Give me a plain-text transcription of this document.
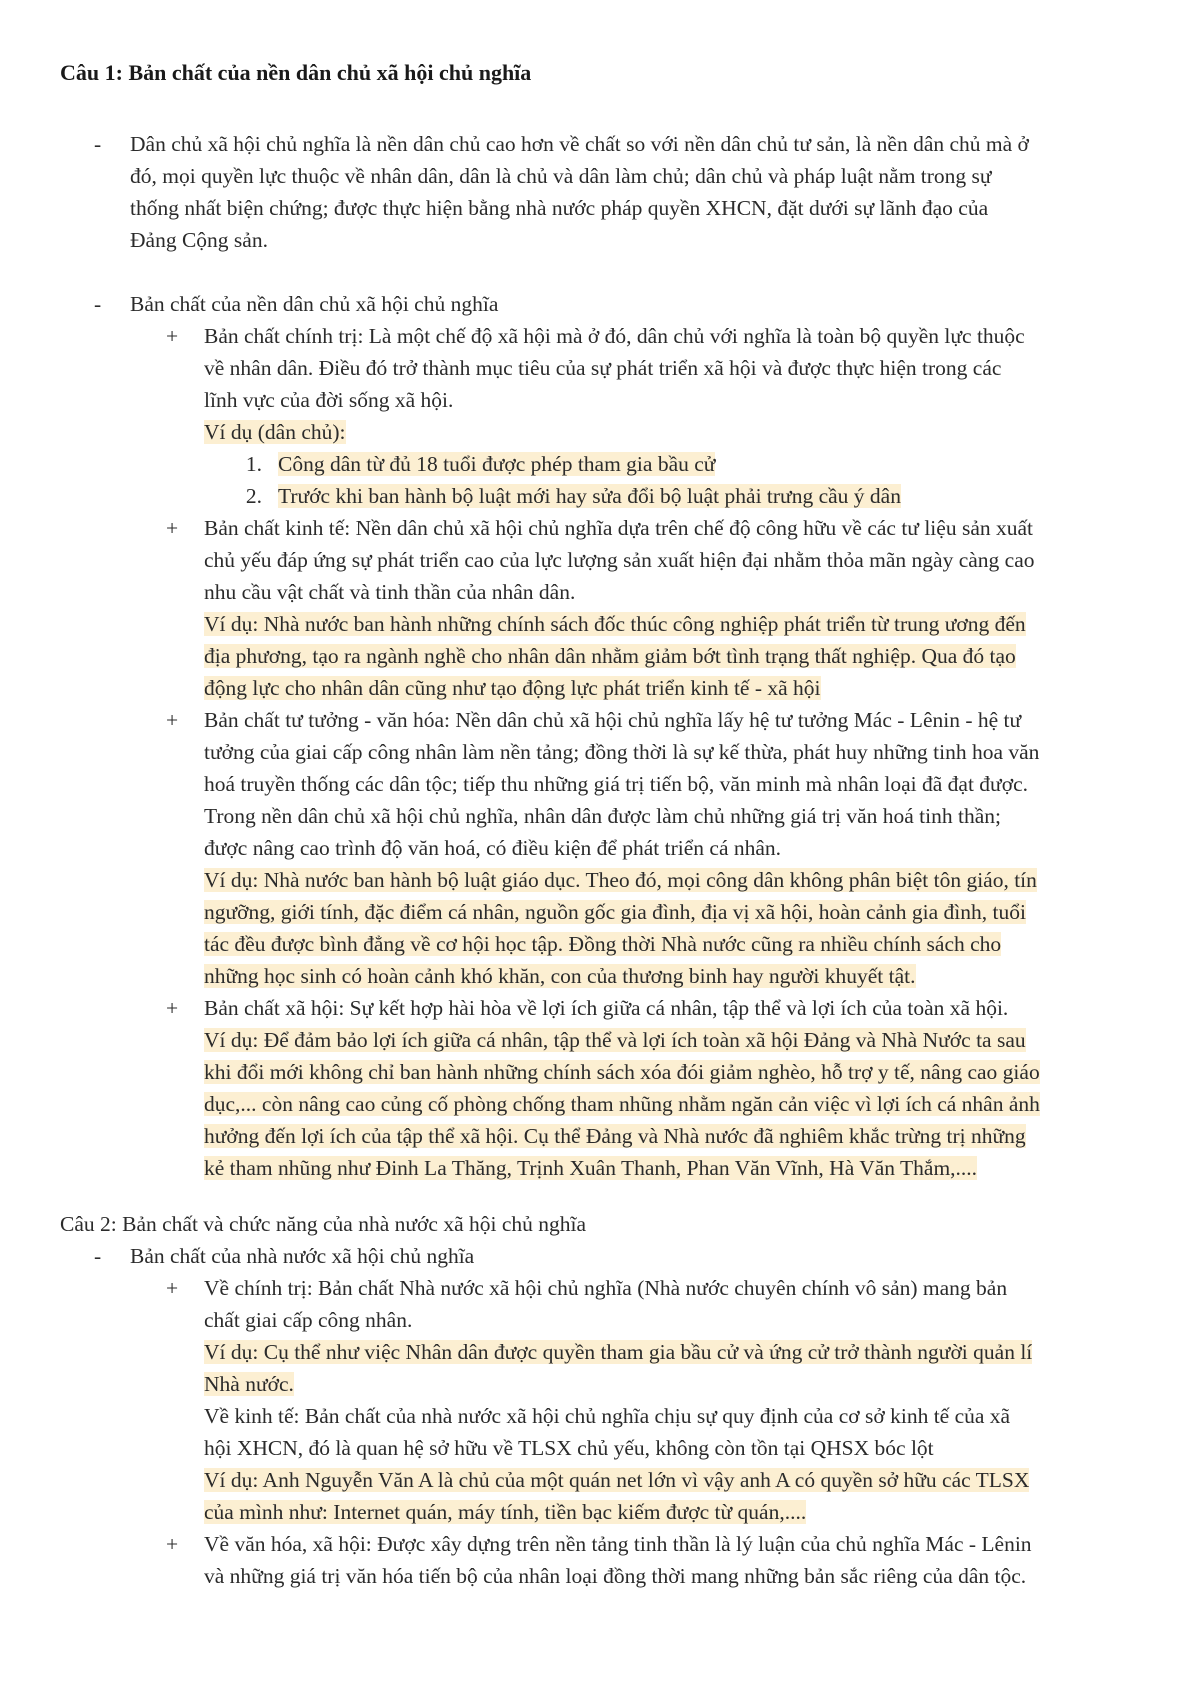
Câu 1: Bản chất của nền dân chủ xã hội chủ nghĩa
-	Dân chủ xã hội chủ nghĩa là nền dân chủ cao hơn về chất so với nền dân chủ tư sản, là nền dân chủ mà ở
đó, mọi quyền lực thuộc về nhân dân, dân là chủ và dân làm chủ; dân chủ và pháp luật nằm trong sự
thống nhất biện chứng; được thực hiện bằng nhà nước pháp quyền XHCN, đặt dưới sự lãnh đạo của
Đảng Cộng sản.
-	Bản chất của nền dân chủ xã hội chủ nghĩa
+	Bản chất chính trị: Là một chế độ xã hội mà ở đó, dân chủ với nghĩa là toàn bộ quyền lực thuộc
về nhân dân. Điều đó trở thành mục tiêu của sự phát triển xã hội và được thực hiện trong các
lĩnh vực của đời sống xã hội.
Ví dụ (dân chủ):
1. Công dân từ đủ 18 tuổi được phép tham gia bầu cử
2. Trước khi ban hành bộ luật mới hay sửa đổi bộ luật phải trưng cầu ý dân
+	Bản chất kinh tế: Nền dân chủ xã hội chủ nghĩa dựa trên chế độ công hữu về các tư liệu sản xuất
chủ yếu đáp ứng sự phát triển cao của lực lượng sản xuất hiện đại nhằm thỏa mãn ngày càng cao
nhu cầu vật chất và tinh thần của nhân dân.
Ví dụ: Nhà nước ban hành những chính sách đốc thúc công nghiệp phát triển từ trung ương đến
địa phương, tạo ra ngành nghề cho nhân dân nhằm giảm bớt tình trạng thất nghiệp. Qua đó tạo
động lực cho nhân dân cũng như tạo động lực phát triển kinh tế - xã hội
+	Bản chất tư tưởng - văn hóa: Nền dân chủ xã hội chủ nghĩa lấy hệ tư tưởng Mác - Lênin - hệ tư
tưởng của giai cấp công nhân làm nền tảng; đồng thời là sự kế thừa, phát huy những tinh hoa văn
hoá truyền thống các dân tộc; tiếp thu những giá trị tiến bộ, văn minh mà nhân loại đã đạt được.
Trong nền dân chủ xã hội chủ nghĩa, nhân dân được làm chủ những giá trị văn hoá tinh thần;
được nâng cao trình độ văn hoá, có điều kiện để phát triển cá nhân.
Ví dụ: Nhà nước ban hành bộ luật giáo dục. Theo đó, mọi công dân không phân biệt tôn giáo, tín
ngưỡng, giới tính, đặc điểm cá nhân, nguồn gốc gia đình, địa vị xã hội, hoàn cảnh gia đình, tuổi
tác đều được bình đẳng về cơ hội học tập. Đồng thời Nhà nước cũng ra nhiều chính sách cho
những học sinh có hoàn cảnh khó khăn, con của thương binh hay người khuyết tật.
+	Bản chất xã hội: Sự kết hợp hài hòa về lợi ích giữa cá nhân, tập thể và lợi ích của toàn xã hội.
Ví dụ: Để đảm bảo lợi ích giữa cá nhân, tập thể và lợi ích toàn xã hội Đảng và Nhà Nước ta sau
khi đổi mới không chỉ ban hành những chính sách xóa đói giảm nghèo, hỗ trợ y tế, nâng cao giáo
dục,... còn nâng cao củng cố phòng chống tham nhũng nhằm ngăn cản việc vì lợi ích cá nhân ảnh
hưởng đến lợi ích của tập thể xã hội. Cụ thể Đảng và Nhà nước đã nghiêm khắc trừng trị những
kẻ tham nhũng như Đinh La Thăng, Trịnh Xuân Thanh, Phan Văn Vĩnh, Hà Văn Thắm,....
Câu 2: Bản chất và chức năng của nhà nước xã hội chủ nghĩa
-	Bản chất của nhà nước xã hội chủ nghĩa
+	Về chính trị: Bản chất Nhà nước xã hội chủ nghĩa (Nhà nước chuyên chính vô sản) mang bản
chất giai cấp công nhân.
Ví dụ: Cụ thể như việc Nhân dân được quyền tham gia bầu cử và ứng cử trở thành người quản lí
Nhà nước.
Về kinh tế: Bản chất của nhà nước xã hội chủ nghĩa chịu sự quy định của cơ sở kinh tế của xã
hội XHCN, đó là quan hệ sở hữu về TLSX chủ yếu, không còn tồn tại QHSX bóc lột
Ví dụ: Anh Nguyễn Văn A là chủ của một quán net lớn vì vậy anh A có quyền sở hữu các TLSX
của mình như: Internet quán, máy tính, tiền bạc kiếm được từ quán,....
+	Về văn hóa, xã hội: Được xây dựng trên nền tảng tinh thần là lý luận của chủ nghĩa Mác - Lênin
và những giá trị văn hóa tiến bộ của nhân loại đồng thời mang những bản sắc riêng của dân tộc.
